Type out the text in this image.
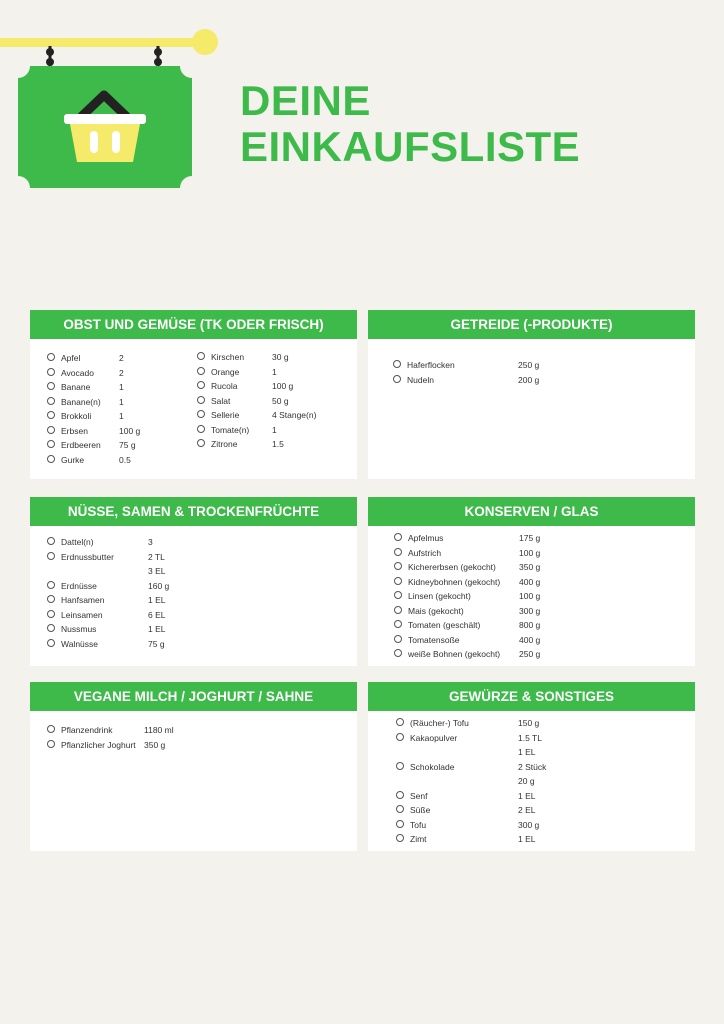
DEINE
EINKAUFSLISTE
OBST UND GEMÜSE (TK ODER FRISCH)
Apfel	2
Avocado	2
Banane	1
Banane(n) 1
Brokkoli	1
Erbsen	100 g
Erdbeeren 75 g
Gurke	0.5
Kirschen	30 g
Orange	1
Rucola	100 g
Salat	50 g
Sellerie	4 Stange(n)
Tomate(n)	1
Zitrone	1.5
GETREIDE (-PRODUKTE)
Haferflocken	250 g
Nudeln	200 g
NÜSSE, SAMEN & TROCKENFRÜCHTE
Dattel(n)	3
Erdnussbutter	2 TL
3 EL
Erdnüsse	160 g
Hanfsamen	1 EL
Leinsamen	6 EL
Nussmus	1 EL
Walnüsse	75 g
KONSERVEN / GLAS
Apfelmus	175 g
Aufstrich	100 g
Kichererbsen (gekocht)	350 g
Kidneybohnen (gekocht) 400 g
Linsen (gekocht)	100 g
Mais (gekocht)	300 g
Tomaten (geschält)	800 g
Tomatensoße	400 g
weiße Bohnen (gekocht) 250 g
VEGANE MILCH / JOGHURT / SAHNE
Pflanzendrink	1180 ml
Pflanzlicher Joghurt 350 g
GEWÜRZE & SONSTIGES
(Räucher-) Tofu	150 g
Kakaopulver	1.5 TL
1 EL
Schokolade	2 Stück
20 g
Senf	1 EL
Süße	2 EL
Tofu	300 g
Zimt	1 EL
